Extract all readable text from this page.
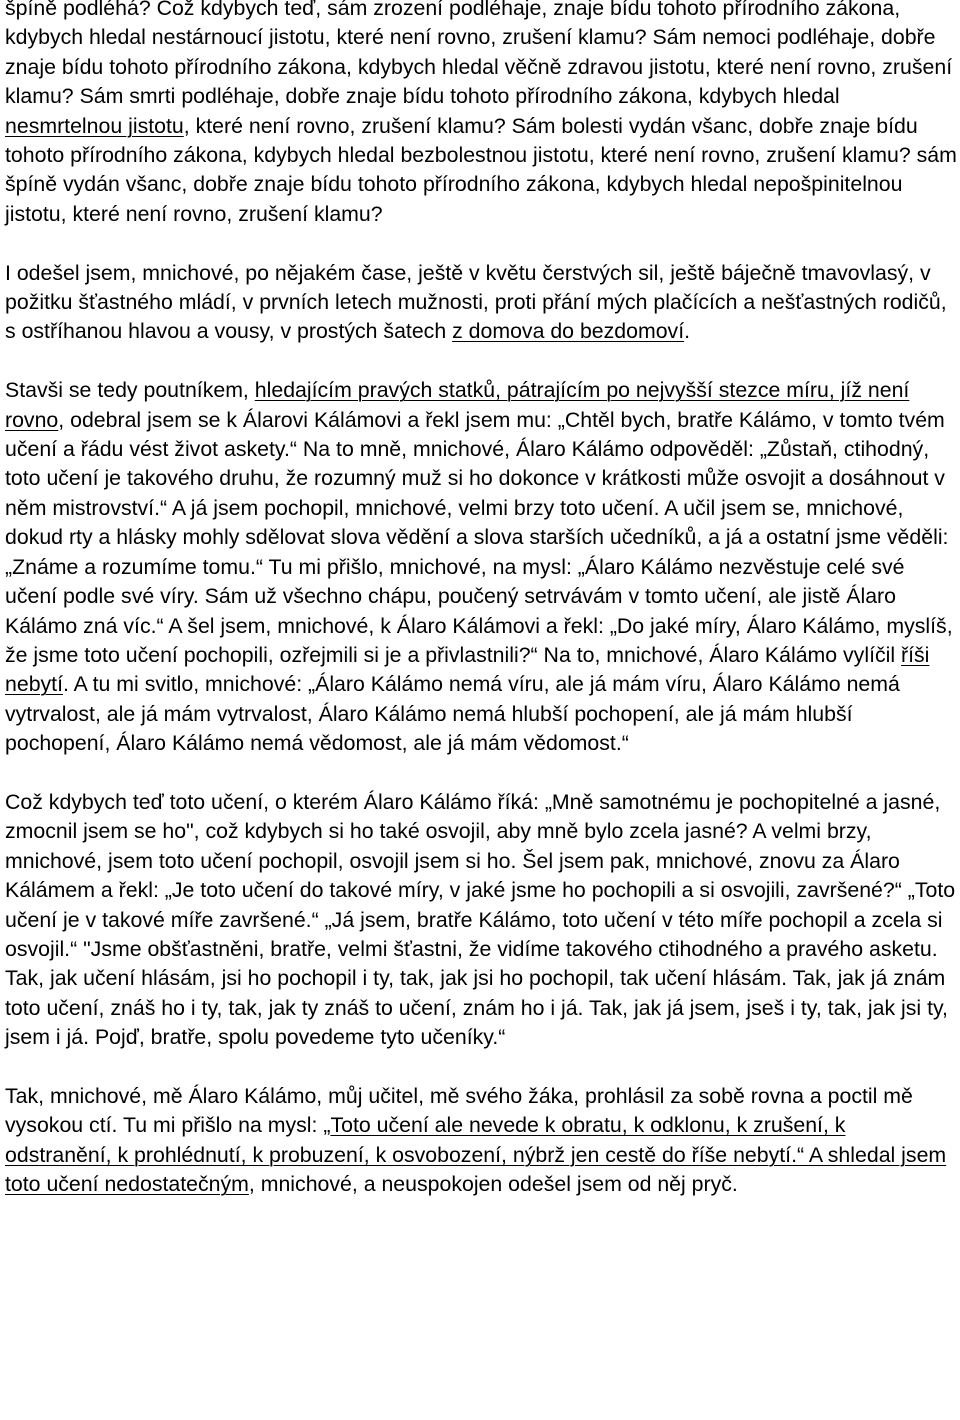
špíně podléhá? Což kdybych teď, sám zrození podléhaje, znaje bídu tohoto přírodního zákona, kdybych hledal nestárnoucí jistotu, které není rovno, zrušení klamu? Sám nemoci podléhaje, dobře znaje bídu tohoto přírodního zákona, kdybych hledal věčně zdravou jistotu, které není rovno, zrušení klamu? Sám smrti podléhaje, dobře znaje bídu tohoto přírodního zákona, kdybych hledal nesmrtelnou jistotu, které není rovno, zrušení klamu? Sám bolesti vydán všanc, dobře znaje bídu tohoto přírodního zákona, kdybych hledal bezbolestnou jistotu, které není rovno, zrušení klamu? sám špíně vydán všanc, dobře znaje bídu tohoto přírodního zákona, kdybych hledal nepošpinitelnou jistotu, které není rovno, zrušení klamu?

I odešel jsem, mnichové, po nějakém čase, ještě v květu čerstvých sil, ještě báječně tmavovlasý, v požitku šťastného mládí, v prvních letech mužnosti, proti přání mých plačících a nešťastných rodičů, s ostříhanou hlavou a vousy, v prostých šatech z domova do bezdomoví.

Stavši se tedy poutníkem, hledajícím pravých statků, pátrajícím po nejvyšší stezce míru, jíž není rovno, odebral jsem se k Álarovi Kálámovi a řekl jsem mu: „Chtěl bych, bratře Kálámo, v tomto tvém učení a řádu vést život askety.“ Na to mně, mnichové, Álaro Kálámo odpověděl: „Zůstaň, ctihodný, toto učení je takového druhu, že rozumný muž si ho dokonce v krátkosti může osvojit a dosáhnout v něm mistrovství.“ A já jsem pochopil, mnichové, velmi brzy toto učení. A učil jsem se, mnichové, dokud rty a hlásky mohly sdělovat slova vědění a slova starších učedníků, a já a ostatní jsme věděli: „Známe a rozumíme tomu.“ Tu mi přišlo, mnichové, na mysl: „Álaro Kálámo nezvěstuje celé své učení podle své víry. Sám už všechno chápu, poučený setrvávám v tomto učení, ale jistě Álaro Kálámo zná víc.“ A šel jsem, mnichové, k Álaro Kálámovi a řekl: „Do jaké míry, Álaro Kálámo, myslíš, že jsme toto učení pochopili, ozřejmili si je a přivlastnili?“ Na to, mnichové, Álaro Kálámo vylíčil říši nebytí. A tu mi svitlo, mnichové: „Álaro Kálámo nemá víru, ale já mám víru, Álaro Kálámo nemá vytrvalost, ale já mám vytrvalost, Álaro Kálámo nemá hlubší pochopení, ale já mám hlubší pochopení, Álaro Kálámo nemá vědomost, ale já mám vědomost.“

Což kdybych teď toto učení, o kterém Álaro Kálámo říká: „Mně samotnému je pochopitelné a jasné, zmocnil jsem se ho", což kdybych si ho také osvojil, aby mně bylo zcela jasné? A velmi brzy, mnichové, jsem toto učení pochopil, osvojil jsem si ho. Šel jsem pak, mnichové, znovu za Álaro Kálámem a řekl: „Je toto učení do takové míry, v jaké jsme ho pochopili a si osvojili, završené?“ „Toto učení je v takové míře završené.“ „Já jsem, bratře Kálámo, toto učení v této míře pochopil a zcela si osvojil.“ "Jsme obšťastněni, bratře, velmi šťastni, že vidíme takového ctihodného a pravého asketu. Tak, jak učení hlásám, jsi ho pochopil i ty, tak, jak jsi ho pochopil, tak učení hlásám. Tak, jak já znám toto učení, znáš ho i ty, tak, jak ty znáš to učení, znám ho i já. Tak, jak já jsem, jseš i ty, tak, jak jsi ty, jsem i já. Pojď, bratře, spolu povedeme tyto učeníky.“

Tak, mnichové, mě Álaro Kálámo, můj učitel, mě svého žáka, prohlásil za sobě rovna a poctil mě vysokou ctí. Tu mi přišlo na mysl: „Toto učení ale nevede k obratu, k odklonu, k zrušení, k odstranění, k prohlédnutí, k probuzení, k osvobození, nýbrž jen cestě do říše nebytí.“ A shledal jsem toto učení nedostatečným, mnichové, a neuspokojen odešel jsem od něj pryč.
